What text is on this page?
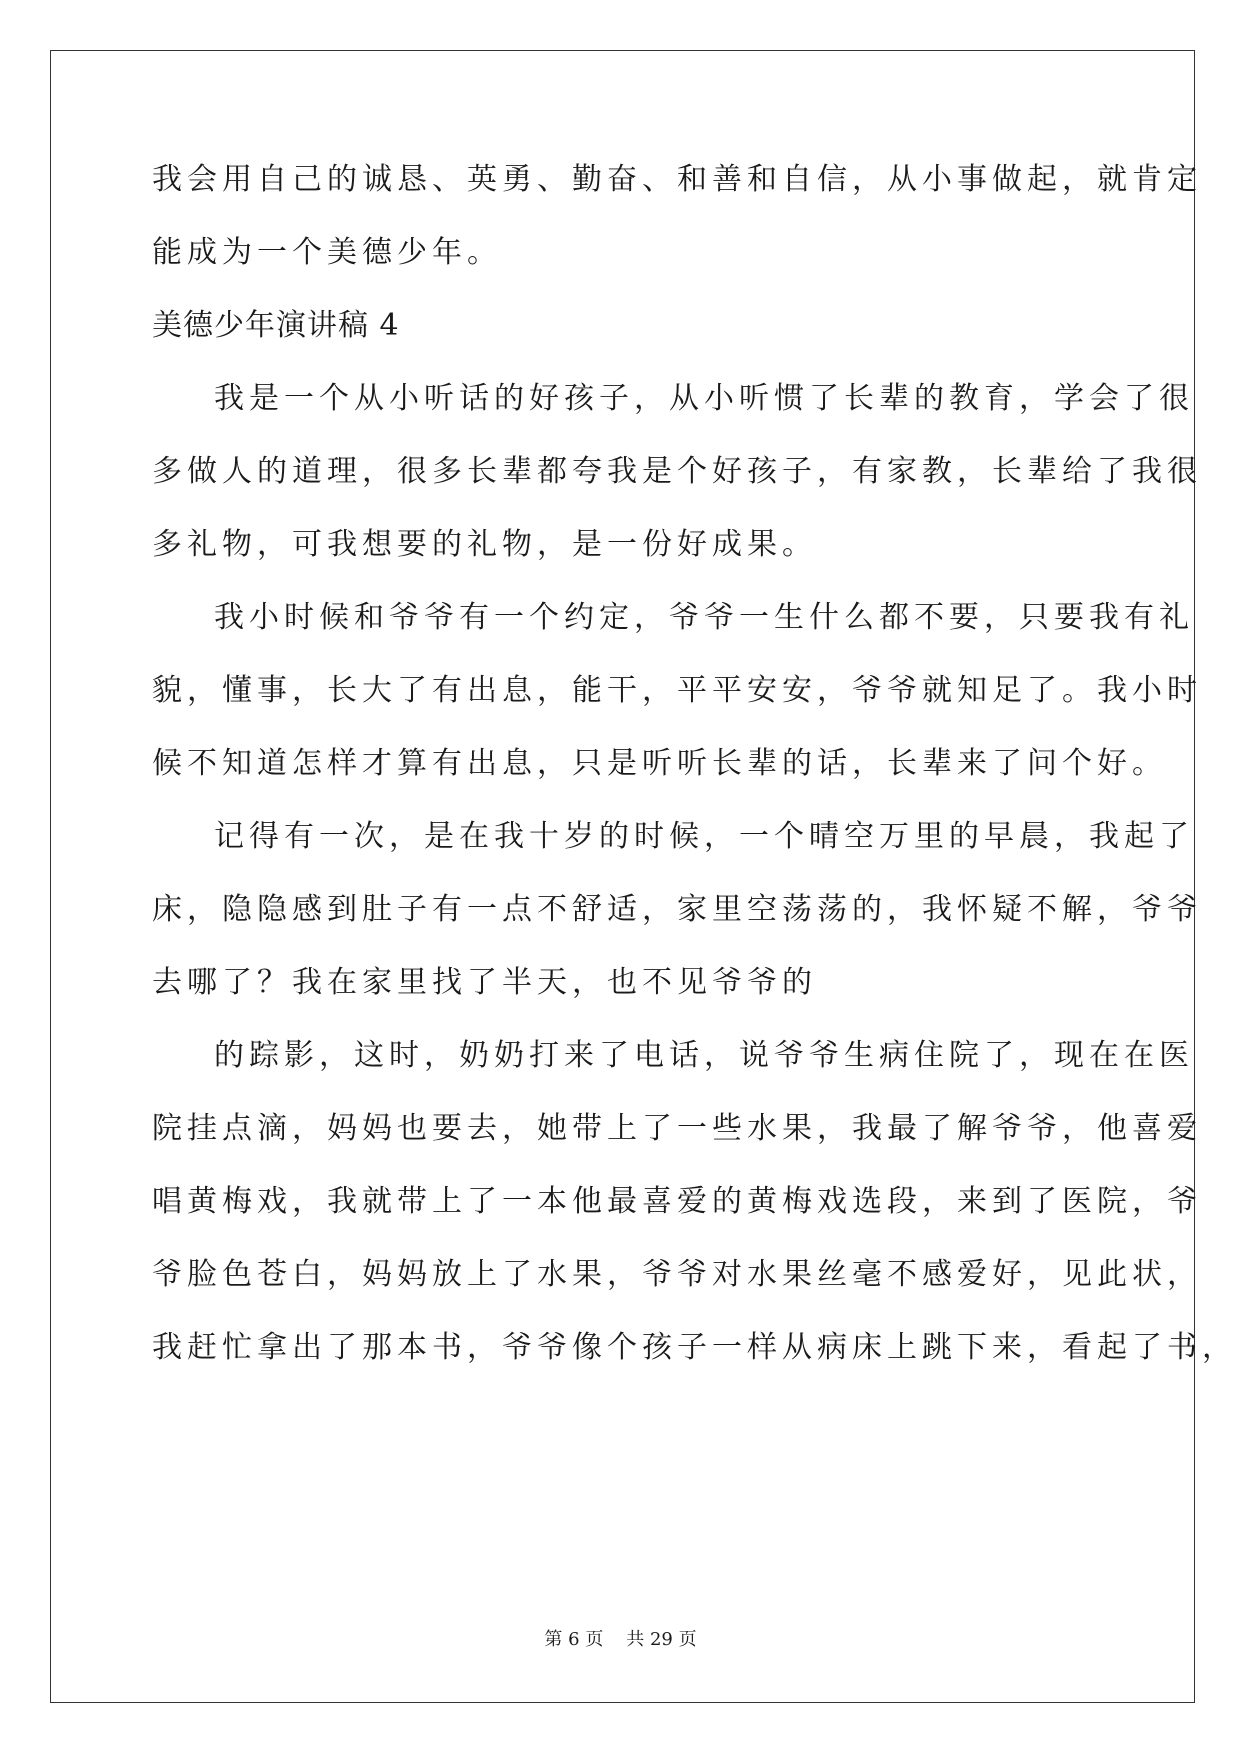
我会用自己的诚恳、英勇、勤奋、和善和自信，从小事做起，就肯定
能成为一个美德少年。
美德少年演讲稿 4
我是一个从小听话的好孩子，从小听惯了长辈的教育，学会了很
多做人的道理，很多长辈都夸我是个好孩子，有家教，长辈给了我很
多礼物，可我想要的礼物，是一份好成果。
我小时候和爷爷有一个约定，爷爷一生什么都不要，只要我有礼
貌，懂事，长大了有出息，能干，平平安安，爷爷就知足了。我小时
候不知道怎样才算有出息，只是听听长辈的话，长辈来了问个好。
记得有一次，是在我十岁的时候，一个晴空万里的早晨，我起了
床，隐隐感到肚子有一点不舒适，家里空荡荡的，我怀疑不解，爷爷
去哪了？我在家里找了半天，也不见爷爷的
的踪影，这时，奶奶打来了电话，说爷爷生病住院了，现在在医
院挂点滴，妈妈也要去，她带上了一些水果，我最了解爷爷，他喜爱
唱黄梅戏，我就带上了一本他最喜爱的黄梅戏选段，来到了医院，爷
爷脸色苍白，妈妈放上了水果，爷爷对水果丝毫不感爱好，见此状，
我赶忙拿出了那本书，爷爷像个孩子一样从病床上跳下来，看起了书，
第 6 页 共 29 页
